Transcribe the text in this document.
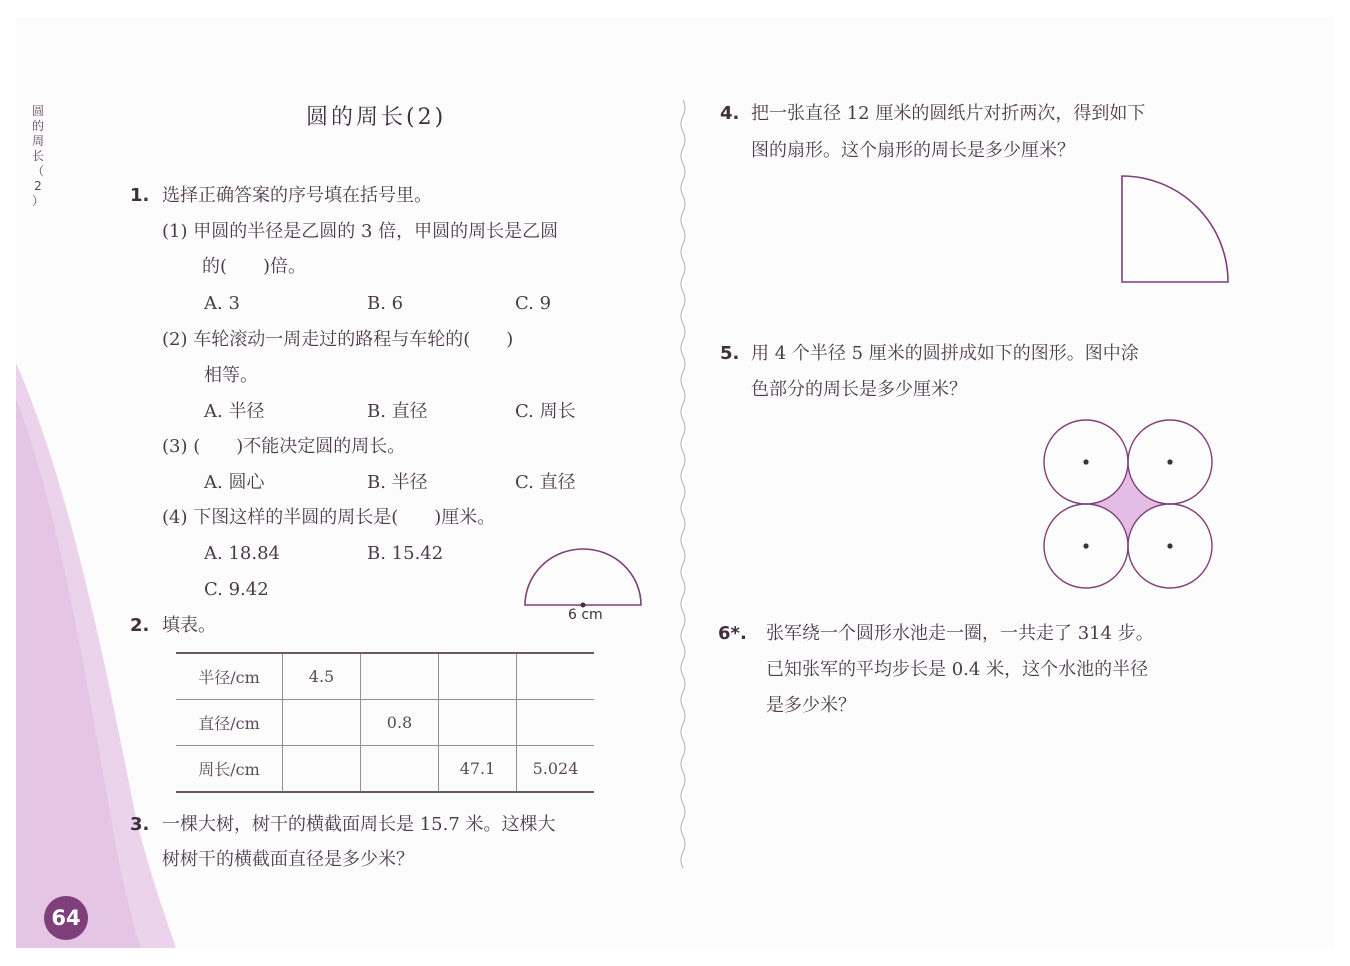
圆
的
周
长
（
2
）
64
圆的周长(2)
1. 选择正确答案的序号填在括号里。
(1) 甲圆的半径是乙圆的 3 倍，甲圆的周长是乙圆
的(　　)倍。
A. 3	B. 6	C. 9
(2) 车轮滚动一周走过的路程与车轮的(　　)
相等。
A. 半径	B. 直径	C. 周长
(3) (　　)不能决定圆的周长。
A. 圆心	B. 半径	C. 直径
(4) 下图这样的半圆的周长是(　　)厘米。
A. 18.84	B. 15.42
C. 9.42
6 cm
2. 填表。
半径/cm	4.5			
直径/cm		0.8		
周长/cm			47.1	5.024
3. 一棵大树，树干的横截面周长是 15.7 米。这棵大
树树干的横截面直径是多少米？
4. 把一张直径 12 厘米的圆纸片对折两次，得到如下
图的扇形。这个扇形的周长是多少厘米？
5. 用 4 个半径 5 厘米的圆拼成如下的图形。图中涂
色部分的周长是多少厘米？
6*. 张军绕一个圆形水池走一圈，一共走了 314 步。
已知张军的平均步长是 0.4 米，这个水池的半径
是多少米？
